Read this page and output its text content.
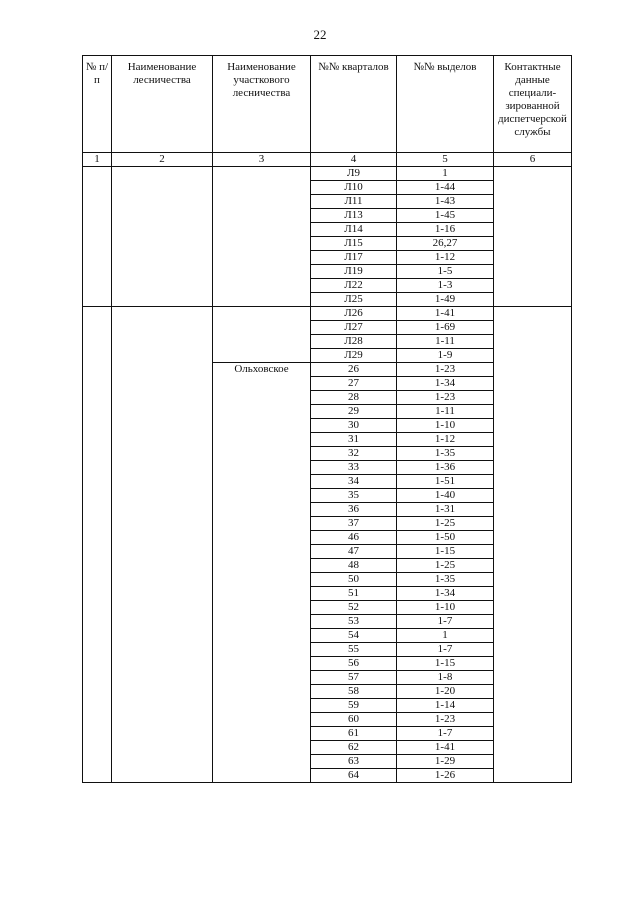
22
№ п/п	Наименование лесничества	Наименование участкового лесничества	№№ кварталов	№№ выделов	Контактные данные специали-зированной диспетчерской службы
1	2	3	4	5	6
			Л9	1	
			Л10	1-44	
			Л11	1-43	
			Л13	1-45	
			Л14	1-16	
			Л15	26,27	
			Л17	1-12	
			Л19	1-5	
			Л22	1-3	
			Л25	1-49	
			Л26	1-41	
			Л27	1-69	
			Л28	1-11	
			Л29	1-9	
		Ольховское	26	1-23	
			27	1-34	
			28	1-23	
			29	1-11	
			30	1-10	
			31	1-12	
			32	1-35	
			33	1-36	
			34	1-51	
			35	1-40	
			36	1-31	
			37	1-25	
			46	1-50	
			47	1-15	
			48	1-25	
			50	1-35	
			51	1-34	
			52	1-10	
			53	1-7	
			54	1	
			55	1-7	
			56	1-15	
			57	1-8	
			58	1-20	
			59	1-14	
			60	1-23	
			61	1-7	
			62	1-41	
			63	1-29	
			64	1-26	
